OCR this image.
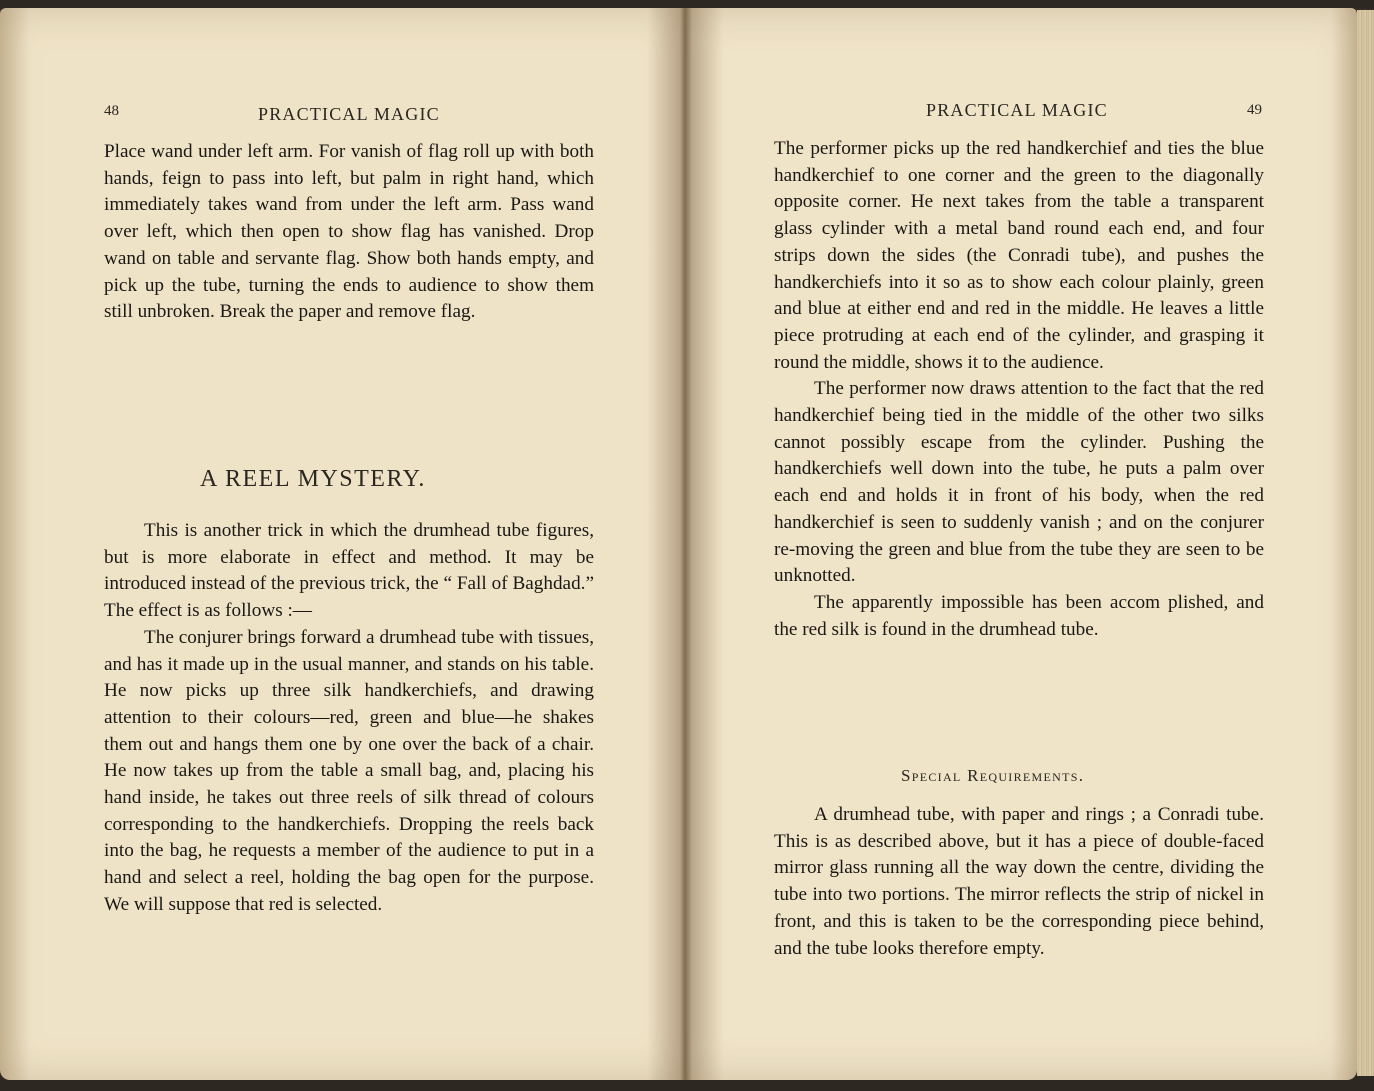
48	PRACTICAL MAGIC

Place wand under left arm. For vanish of flag roll up with both hands, feign to pass into left, but palm in right hand, which immediately takes wand from under the left arm. Pass wand over left, which then open to show flag has vanished. Drop wand on table and servante flag. Show both hands empty, and pick up the tube, turning the ends to audience to show them still unbroken. Break the paper and remove flag.

A REEL MYSTERY.

This is another trick in which the drumhead tube figures, but is more elaborate in effect and method. It may be introduced instead of the previous trick, the “ Fall of Baghdad.” The effect is as follows :—

The conjurer brings forward a drumhead tube with tissues, and has it made up in the usual manner, and stands on his table. He now picks up three silk handkerchiefs, and drawing attention to their colours—red, green and blue—he shakes them out and hangs them one by one over the back of a chair. He now takes up from the table a small bag, and, placing his hand inside, he takes out three reels of silk thread of colours corresponding to the handkerchiefs. Dropping the reels back into the bag, he requests a member of the audience to put in a hand and select a reel, holding the bag open for the purpose. We will suppose that red is selected.

PRACTICAL MAGIC	49

The performer picks up the red handkerchief and ties the blue handkerchief to one corner and the green to the diagonally opposite corner. He next takes from the table a transparent glass cylinder with a metal band round each end, and four strips down the sides (the Conradi tube), and pushes the handkerchiefs into it so as to show each colour plainly, green and blue at either end and red in the middle. He leaves a little piece protruding at each end of the cylinder, and grasping it round the middle, shows it to the audience.

The performer now draws attention to the fact that the red handkerchief being tied in the middle of the other two silks cannot possibly escape from the cylinder. Pushing the handkerchiefs well down into the tube, he puts a palm over each end and holds it in front of his body, when the red handkerchief is seen to suddenly vanish ; and on the conjurer re-moving the green and blue from the tube they are seen to be unknotted.

The apparently impossible has been accom plished, and the red silk is found in the drumhead tube.

Special Requirements.

A drumhead tube, with paper and rings ; a Conradi tube. This is as described above, but it has a piece of double-faced mirror glass running all the way down the centre, dividing the tube into two portions. The mirror reflects the strip of nickel in front, and this is taken to be the corresponding piece behind, and the tube looks therefore empty.
